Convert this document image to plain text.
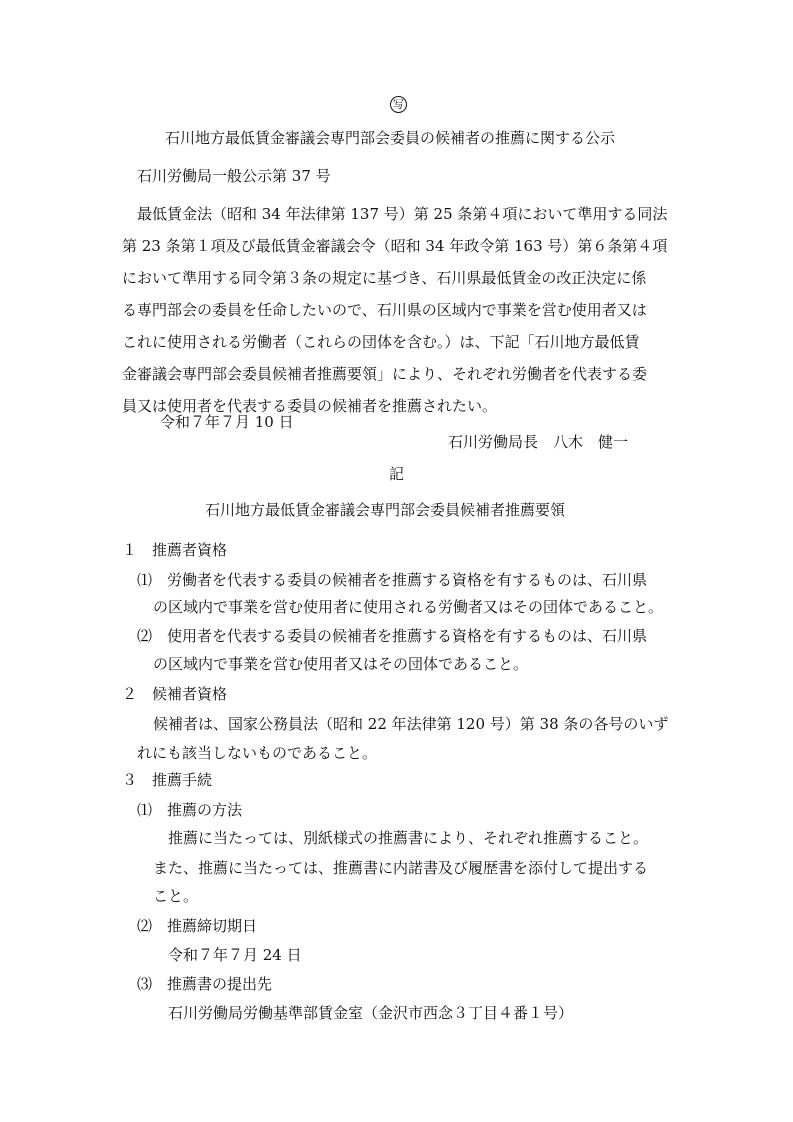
写
石川地方最低賃金審議会専門部会委員の候補者の推薦に関する公示
石川労働局一般公示第 37 号
最低賃金法（昭和 34 年法律第 137 号）第 25 条第４項において準用する同法
第 23 条第１項及び最低賃金審議会令（昭和 34 年政令第 163 号）第６条第４項
において準用する同令第３条の規定に基づき、石川県最低賃金の改正決定に係
る専門部会の委員を任命したいので、石川県の区域内で事業を営む使用者又は
これに使用される労働者（これらの団体を含む。）は、下記「石川地方最低賃
金審議会専門部会委員候補者推薦要領」により、それぞれ労働者を代表する委
員又は使用者を代表する委員の候補者を推薦されたい。
令和７年７月 10 日
石川労働局長　八木　健一
記
石川地方最低賃金審議会専門部会委員候補者推薦要領
１　推薦者資格
⑴　労働者を代表する委員の候補者を推薦する資格を有するものは、石川県
の区域内で事業を営む使用者に使用される労働者又はその団体であること。
⑵　使用者を代表する委員の候補者を推薦する資格を有するものは、石川県
の区域内で事業を営む使用者又はその団体であること。
２　候補者資格
候補者は、国家公務員法（昭和 22 年法律第 120 号）第 38 条の各号のいず
れにも該当しないものであること。
３　推薦手続
⑴　推薦の方法
推薦に当たっては、別紙様式の推薦書により、それぞれ推薦すること。
また、推薦に当たっては、推薦書に内諾書及び履歴書を添付して提出する
こと。
⑵　推薦締切期日
令和７年７月 24 日
⑶　推薦書の提出先
石川労働局労働基準部賃金室（金沢市西念３丁目４番１号）
